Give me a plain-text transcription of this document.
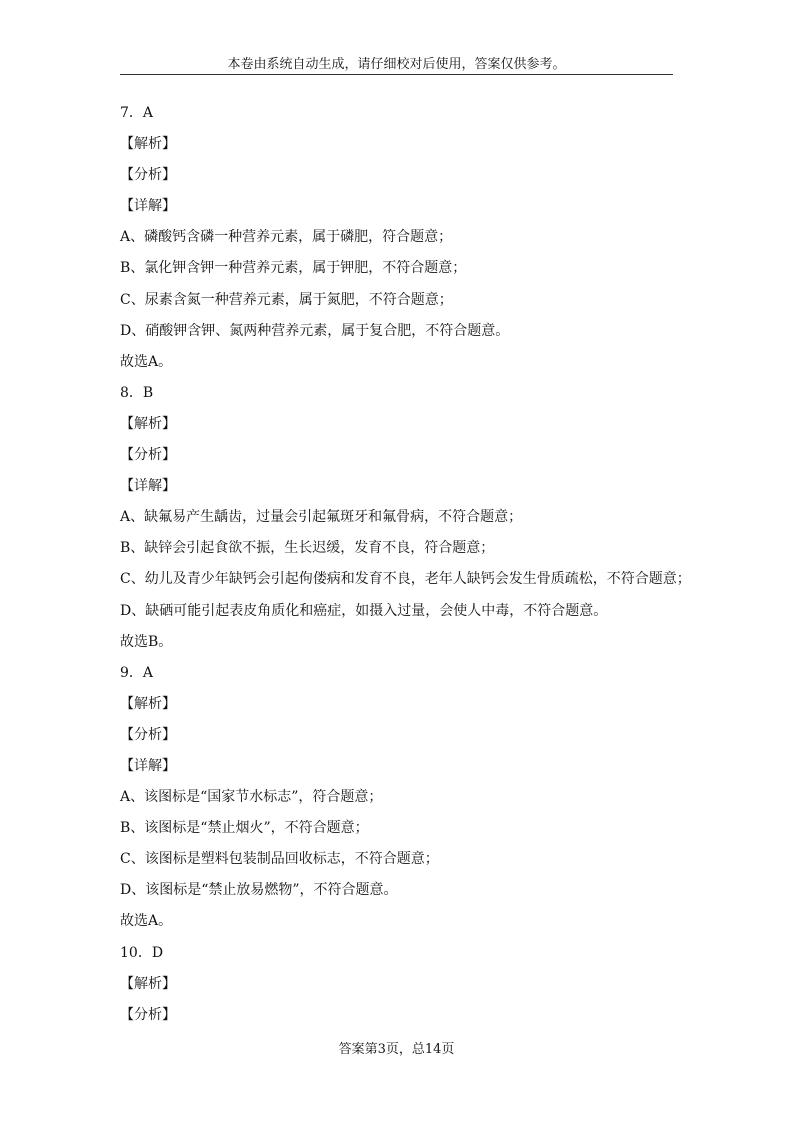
本卷由系统自动生成，请仔细校对后使用，答案仅供参考。
7．A
【解析】
【分析】
【详解】
A、磷酸钙含磷一种营养元素，属于磷肥，符合题意；
B、氯化钾含钾一种营养元素，属于钾肥，不符合题意；
C、尿素含氮一种营养元素，属于氮肥，不符合题意；
D、硝酸钾含钾、氮两种营养元素，属于复合肥，不符合题意。
故选A。
8．B
【解析】
【分析】
【详解】
A、缺氟易产生龋齿，过量会引起氟斑牙和氟骨病，不符合题意；
B、缺锌会引起食欲不振，生长迟缓，发育不良，符合题意；
C、幼儿及青少年缺钙会引起佝偻病和发育不良，老年人缺钙会发生骨质疏松，不符合题意；
D、缺硒可能引起表皮角质化和癌症，如摄入过量，会使人中毒，不符合题意。
故选B。
9．A
【解析】
【分析】
【详解】
A、该图标是“国家节水标志”，符合题意；
B、该图标是“禁止烟火”，不符合题意；
C、该图标是塑料包装制品回收标志，不符合题意；
D、该图标是“禁止放易燃物”，不符合题意。
故选A。
10．D
【解析】
【分析】
答案第3页，总14页
